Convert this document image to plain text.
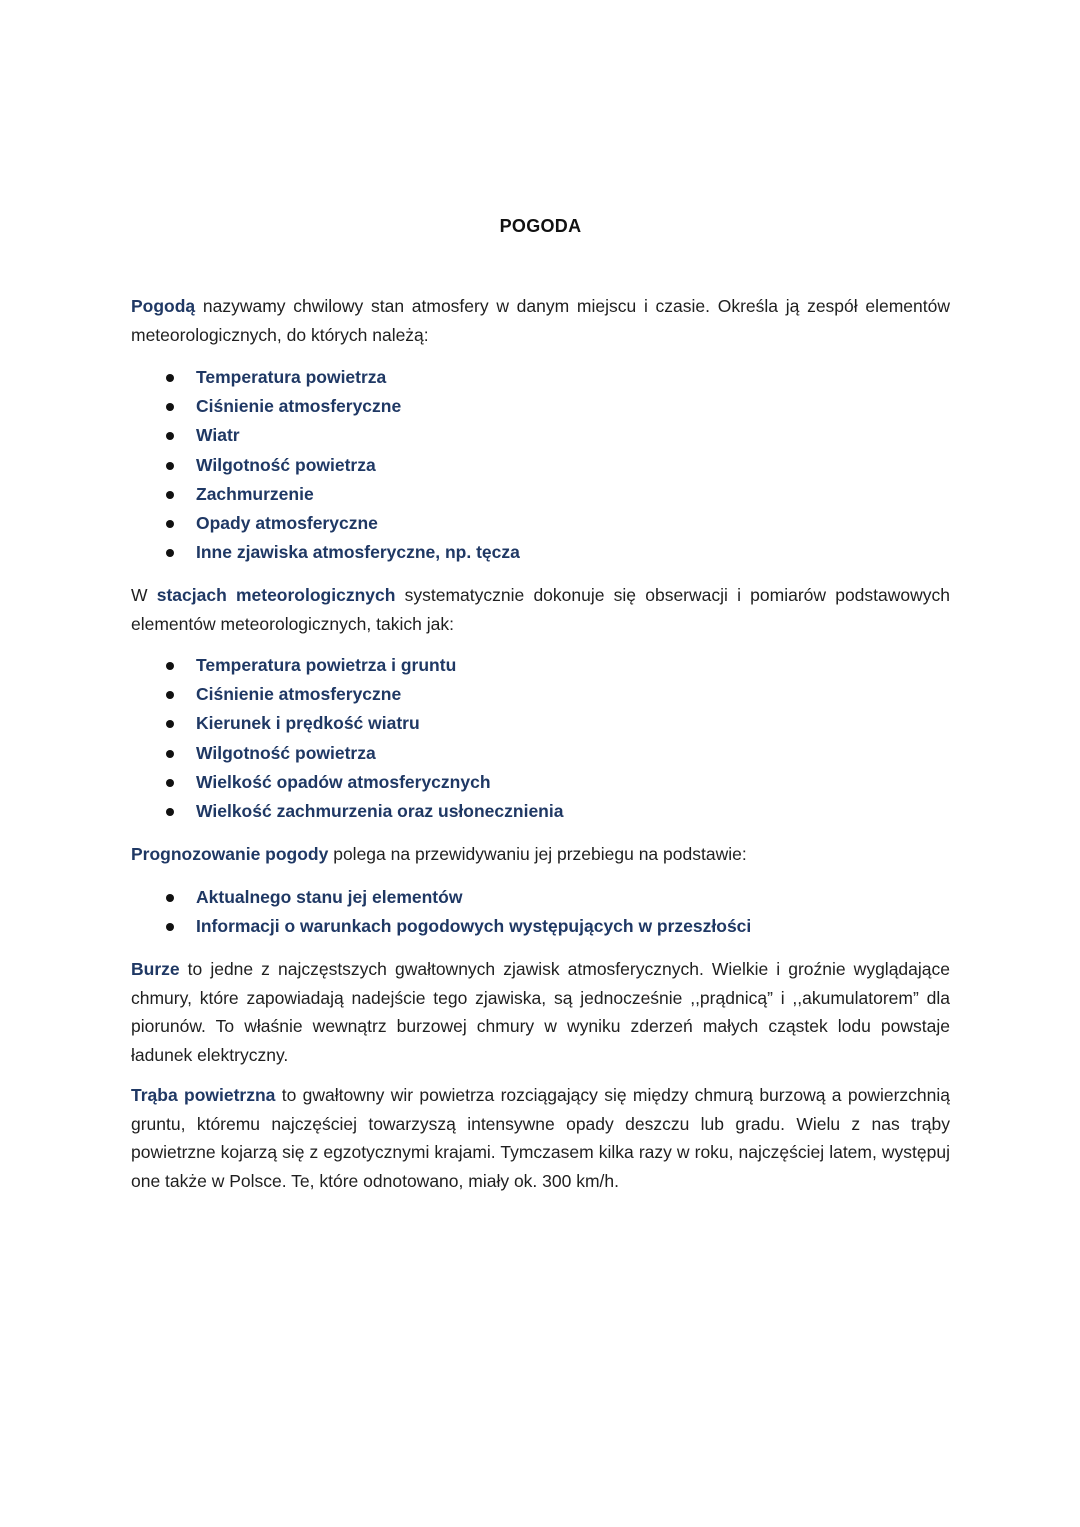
POGODA

Pogodą nazywamy chwilowy stan atmosfery w danym miejscu i czasie. Określa ją zespół elementów meteorologicznych, do których należą:

Temperatura powietrza
Ciśnienie atmosferyczne
Wiatr
Wilgotność powietrza
Zachmurzenie
Opady atmosferyczne
Inne zjawiska atmosferyczne, np. tęcza

W stacjach meteorologicznych systematycznie dokonuje się obserwacji i pomiarów podstawowych elementów meteorologicznych, takich jak:

Temperatura powietrza i gruntu
Ciśnienie atmosferyczne
Kierunek i prędkość wiatru
Wilgotność powietrza
Wielkość opadów atmosferycznych
Wielkość zachmurzenia oraz usłonecznienia

Prognozowanie pogody polega na przewidywaniu jej przebiegu na podstawie:

Aktualnego stanu jej elementów
Informacji o warunkach pogodowych występujących w przeszłości

Burze to jedne z najczęstszych gwałtownych zjawisk atmosferycznych. Wielkie i groźnie wyglądające chmury, które zapowiadają nadejście tego zjawiska, są jednocześnie ,,prądnicą” i ,,akumulatorem” dla piorunów. To właśnie wewnątrz burzowej chmury w wyniku zderzeń małych cząstek lodu powstaje ładunek elektryczny.

Trąba powietrzna to gwałtowny wir powietrza rozciągający się między chmurą burzową a powierzchnią gruntu, któremu najczęściej towarzyszą intensywne opady deszczu lub gradu. Wielu z nas trąby powietrzne kojarzą się z egzotycznymi krajami. Tymczasem kilka razy w roku, najczęściej latem, występuj one także w Polsce. Te, które odnotowano, miały ok. 300 km/h.
